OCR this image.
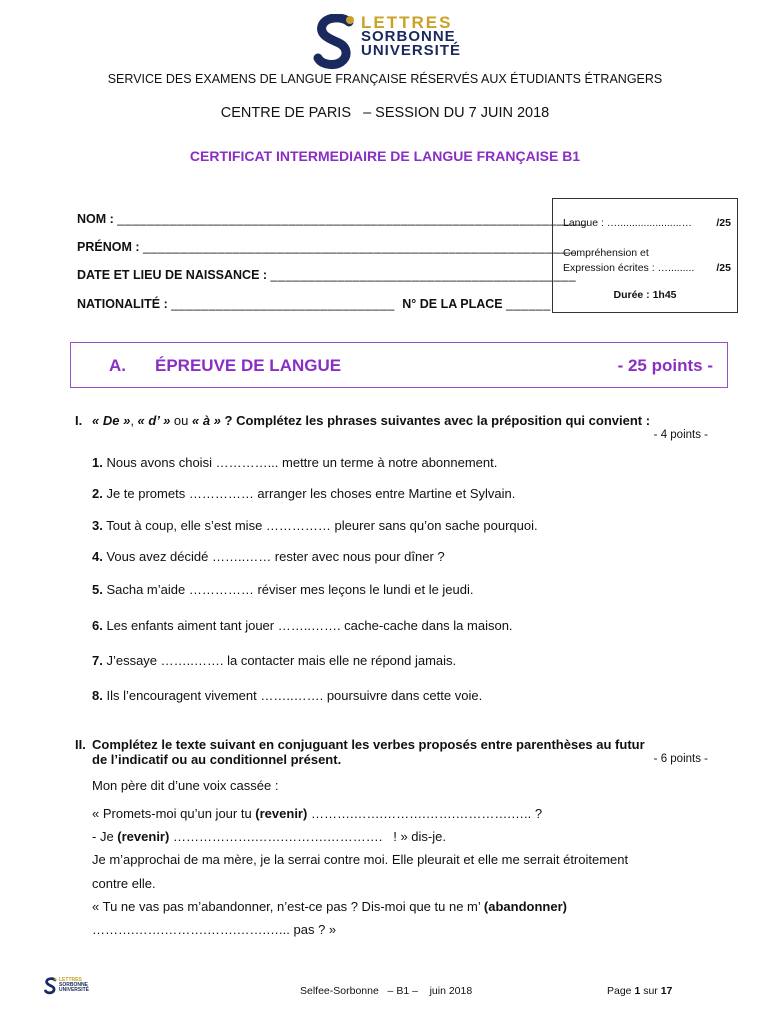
LETTRES
SORBONNE
UNIVERSITÉ
SERVICE DES EXAMENS DE LANGUE FRANÇAISE RÉSERVÉS AUX ÉTUDIANTS ÉTRANGERS
CENTRE DE PARIS   – SESSION DU 7 JUIN 2018
CERTIFICAT INTERMEDIAIRE DE LANGUE FRANÇAISE B1
NOM : _______________________________________________________________
PRÉNOM : __________________________________________________________
DATE ET LIEU DE NAISSANCE : _________________________________________
NATIONALITÉ : ______________________________ N° DE LA PLACE ______
Langue : …......................… /25
Compréhension et
Expression écrites : …......... /25
Durée : 1h45
A. ÉPREUVE DE LANGUE	- 25 points -
I. « De », « d’ » ou « à » ? Complétez les phrases suivantes avec la préposition qui convient :
- 4 points -
1. Nous avons choisi …………... mettre un terme à notre abonnement.
2. Je te promets …………… arranger les choses entre Martine et Sylvain.
3. Tout à coup, elle s’est mise …………… pleurer sans qu’on sache pourquoi.
4. Vous avez décidé ……..…… rester avec nous pour dîner ?
5. Sacha m’aide …………… réviser mes leçons le lundi et le jeudi.
6. Les enfants aiment tant jouer ……..……. cache-cache dans la maison.
7. J’essaye ……..……. la contacter mais elle ne répond jamais.
8. Ils l’encouragent vivement ……..……. poursuivre dans cette voie.
II. Complétez le texte suivant en conjuguant les verbes proposés entre parenthèses au futur
de l’indicatif ou au conditionnel présent.	- 6 points -
Mon père dit d’une voix cassée :
« Promets-moi qu’un jour tu (revenir) ……….…….……….…….………….….. ?
- Je (revenir) ……………….…….……….………….   ! » dis-je.
Je m’approchai de ma mère, je la serrai contre moi. Elle pleurait et elle me serrait étroitement
contre elle.
« Tu ne vas pas m’abandonner, n’est-ce pas ? Dis-moi que tu ne m’ (abandonner)
……….…….……….…….…….…... pas ? »
LETTRES
SORBONNE
UNIVERSITÉ	Selfee-Sorbonne   – B1 –    juin 2018	Page 1 sur 17
